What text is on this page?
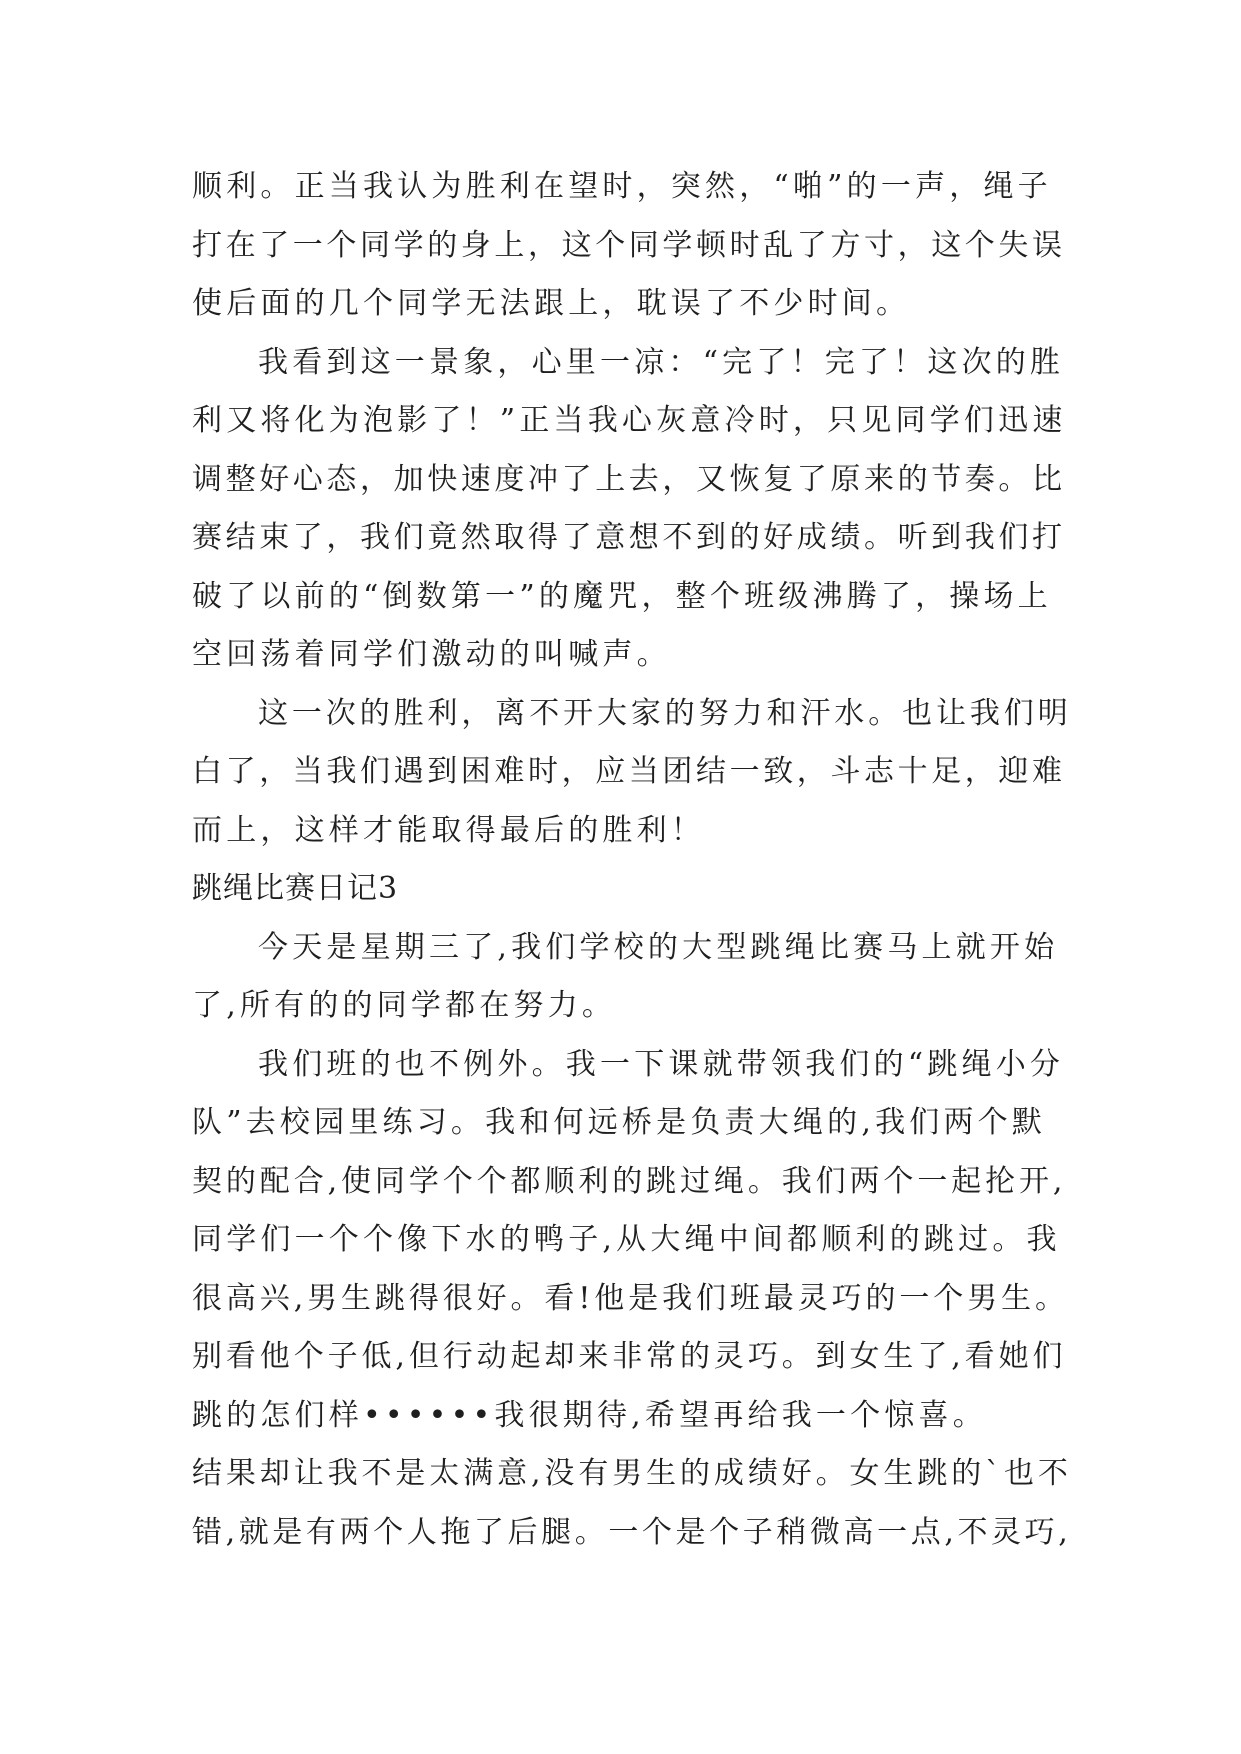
顺利。正当我认为胜利在望时，突然，“啪”的一声，绳子
打在了一个同学的身上，这个同学顿时乱了方寸，这个失误
使后面的几个同学无法跟上，耽误了不少时间。
我看到这一景象，心里一凉：“完了！完了！这次的胜
利又将化为泡影了！”正当我心灰意冷时，只见同学们迅速
调整好心态，加快速度冲了上去，又恢复了原来的节奏。比
赛结束了，我们竟然取得了意想不到的好成绩。听到我们打
破了以前的“倒数第一”的魔咒，整个班级沸腾了，操场上
空回荡着同学们激动的叫喊声。
这一次的胜利，离不开大家的努力和汗水。也让我们明
白了，当我们遇到困难时，应当团结一致，斗志十足，迎难
而上，这样才能取得最后的胜利！
跳绳比赛日记3
今天是星期三了,我们学校的大型跳绳比赛马上就开始
了,所有的的同学都在努力。
我们班的也不例外。我一下课就带领我们的“跳绳小分
队”去校园里练习。我和何远桥是负责大绳的,我们两个默
契的配合,使同学个个都顺利的跳过绳。我们两个一起抡开,
同学们一个个像下水的鸭子,从大绳中间都顺利的跳过。我
很高兴,男生跳得很好。看!他是我们班最灵巧的一个男生。
别看他个子低,但行动起却来非常的灵巧。到女生了,看她们
跳的怎们样••••••我很期待,希望再给我一个惊喜。
结果却让我不是太满意,没有男生的成绩好。女生跳的`也不
错,就是有两个人拖了后腿。一个是个子稍微高一点,不灵巧,
